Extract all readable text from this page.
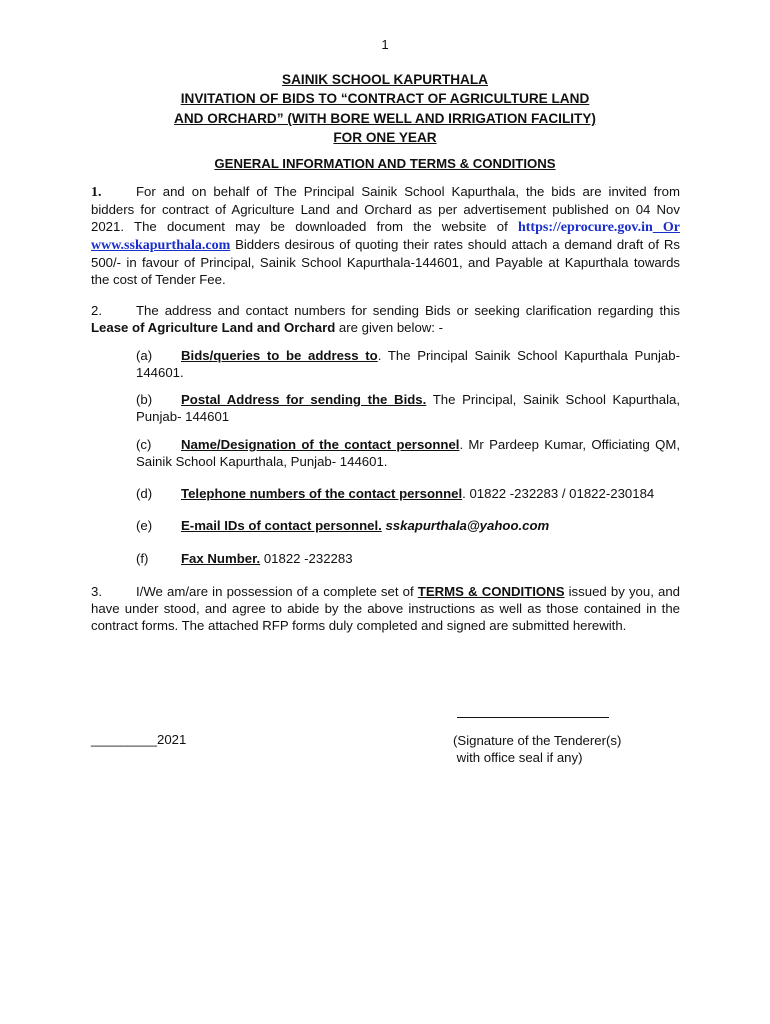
1
SAINIK SCHOOL KAPURTHALA
INVITATION OF BIDS TO “CONTRACT OF AGRICULTURE LAND
AND ORCHARD” (WITH BORE WELL AND IRRIGATION FACILITY)
FOR ONE YEAR
GENERAL INFORMATION AND TERMS & CONDITIONS
1.	For and on behalf of The Principal Sainik School Kapurthala, the bids are invited from bidders for contract of Agriculture Land and Orchard as per advertisement published on 04 Nov 2021. The document may be downloaded from the website of https://eprocure.gov.in Or www.sskapurthala.com Bidders desirous of quoting their rates should attach a demand draft of Rs 500/- in favour of Principal, Sainik School Kapurthala-144601, and Payable at Kapurthala towards the cost of Tender Fee.
2.	The address and contact numbers for sending Bids or seeking clarification regarding this Lease of Agriculture Land and Orchard are given below: -
(a) Bids/queries to be address to. The Principal Sainik School Kapurthala Punjab-144601.
(b) Postal Address for sending the Bids. The Principal, Sainik School Kapurthala, Punjab- 144601
(c) Name/Designation of the contact personnel. Mr Pardeep Kumar, Officiating QM, Sainik School Kapurthala, Punjab- 144601.
(d) Telephone numbers of the contact personnel. 01822 -232283 / 01822-230184
(e) E-mail IDs of contact personnel. sskapurthala@yahoo.com
(f) Fax Number. 01822 -232283
3.	I/We am/are in possession of a complete set of TERMS & CONDITIONS issued by you, and have under stood, and agree to abide by the above instructions as well as those contained in the contract forms. The attached RFP forms duly completed and signed are submitted herewith.
_________2021	(Signature of the Tenderer(s)
with office seal if any)
